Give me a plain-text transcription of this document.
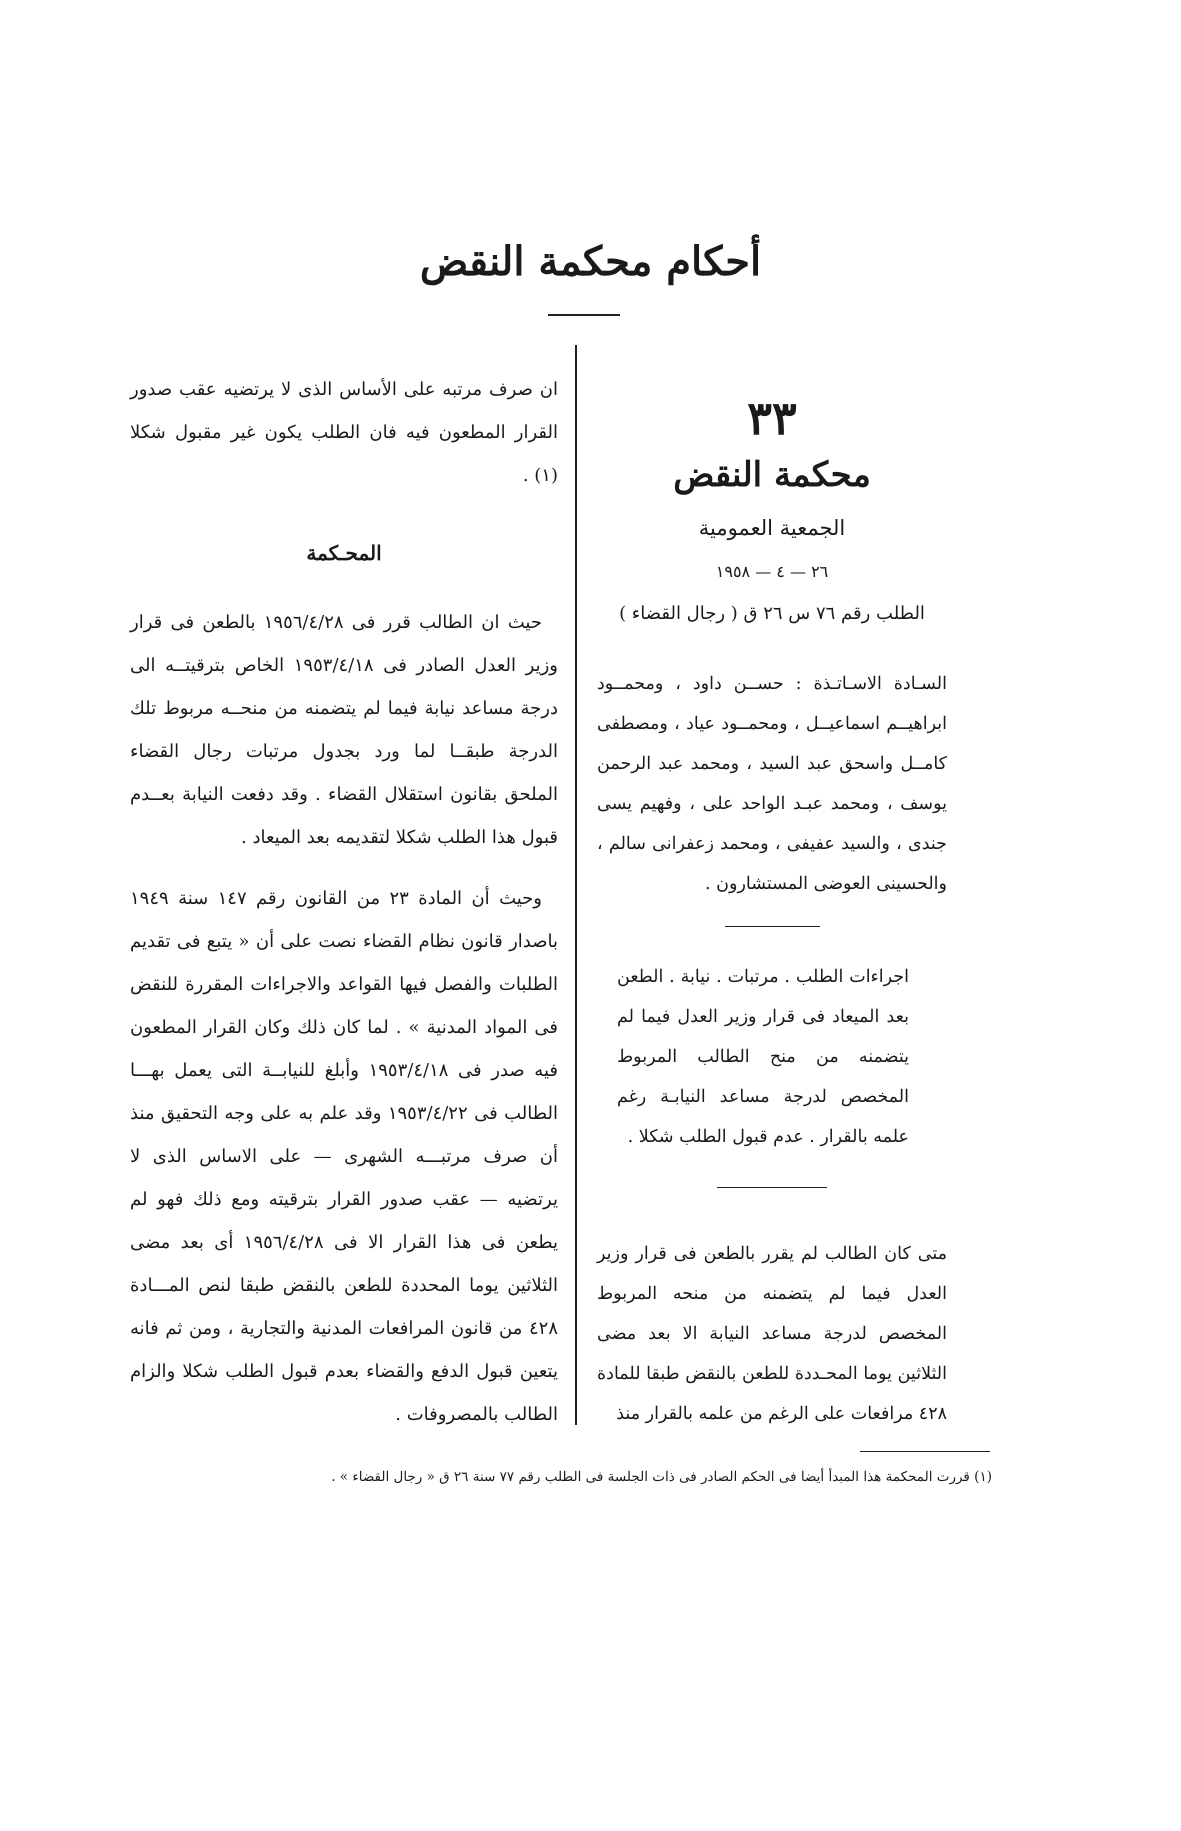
أحكام محكمة النقض
٣٣
محكمة النقض
الجمعية العمومية
٢٦ — ٤ — ١٩٥٨
الطلب رقم ٧٦ س ٢٦ ق ( رجال القضاء )
السـادة الاسـاتـذة : حســن داود ، ومحمــود ابراهيــم اسماعيــل ، ومحمــود عياد ، ومصطفى كامــل واسحق عبد السيد ، ومحمد عبد الرحمن يوسف ، ومحمد عبـد الواحد على ، وفهيم يسى جندى ، والسيد عفيفى ، ومحمد زعفرانى سالم ، والحسينى العوضى المستشارون .
اجراءات الطلب . مرتبات . نيابة . الطعن بعد الميعاد فى قرار وزير العدل فيما لم يتضمنه من منح الطالب المربوط المخصص لدرجة مساعد النيابـة رغم علمه بالقرار . عدم قبول الطلب شكلا .
متى كان الطالب لم يقرر بالطعن فى قرار وزير العدل فيما لم يتضمنه من منحه المربوط المخصص لدرجة مساعد النيابة الا بعد مضى الثلاثين يوما المحـددة للطعن بالنقض طبقا للمادة ٤٢٨ مرافعات على الرغم من علمه بالقرار منذ
ان صرف مرتبه على الأساس الذى لا يرتضيه عقب صدور القرار المطعون فيه فان الطلب يكون غير مقبول شكلا (١) .
المحـكمة

حيث ان الطالب قرر فى ١٩٥٦/٤/٢٨ بالطعن فى قرار وزير العدل الصادر فى ١٩٥٣/٤/١٨ الخاص بترقيتــه الى درجة مساعد نيابة فيما لم يتضمنه من منحــه مربوط تلك الدرجة طبقــا لما ورد بجدول مرتبات رجال القضاء الملحق بقانون استقلال القضاء . وقد دفعت النيابة بعــدم قبول هذا الطلب شكلا لتقديمه بعد الميعاد .

وحيث أن المادة ٢٣ من القانون رقم ١٤٧ سنة ١٩٤٩ باصدار قانون نظام القضاء نصت على أن « يتبع فى تقديم الطلبات والفصل فيها القواعد والاجراءات المقررة للنقض فى المواد المدنية » . لما كان ذلك وكان القرار المطعون فيه صدر فى ١٩٥٣/٤/١٨ وأبلغ للنيابــة التى يعمل بهـــا الطالب فى ١٩٥٣/٤/٢٢ وقد علم به على وجه التحقيق منذ أن صرف مرتبـــه الشهرى — على الاساس الذى لا يرتضيه — عقب صدور القرار بترقيته ومع ذلك فهو لم يطعن فى هذا القرار الا فى ١٩٥٦/٤/٢٨ أى بعد مضى الثلاثين يوما المحددة للطعن بالنقض طبقا لنص المـــادة ٤٢٨ من قانون المرافعات المدنية والتجارية ، ومن ثم فانه يتعين قبول الدفع والقضاء بعدم قبول الطلب شكلا والزام الطالب بالمصروفات .

(١) قررت المحكمة هذا المبدأ أيضا فى الحكم الصادر فى ذات الجلسة فى الطلب رقم ٧٧ سنة ٢٦ ق « رجال القضاء » .
